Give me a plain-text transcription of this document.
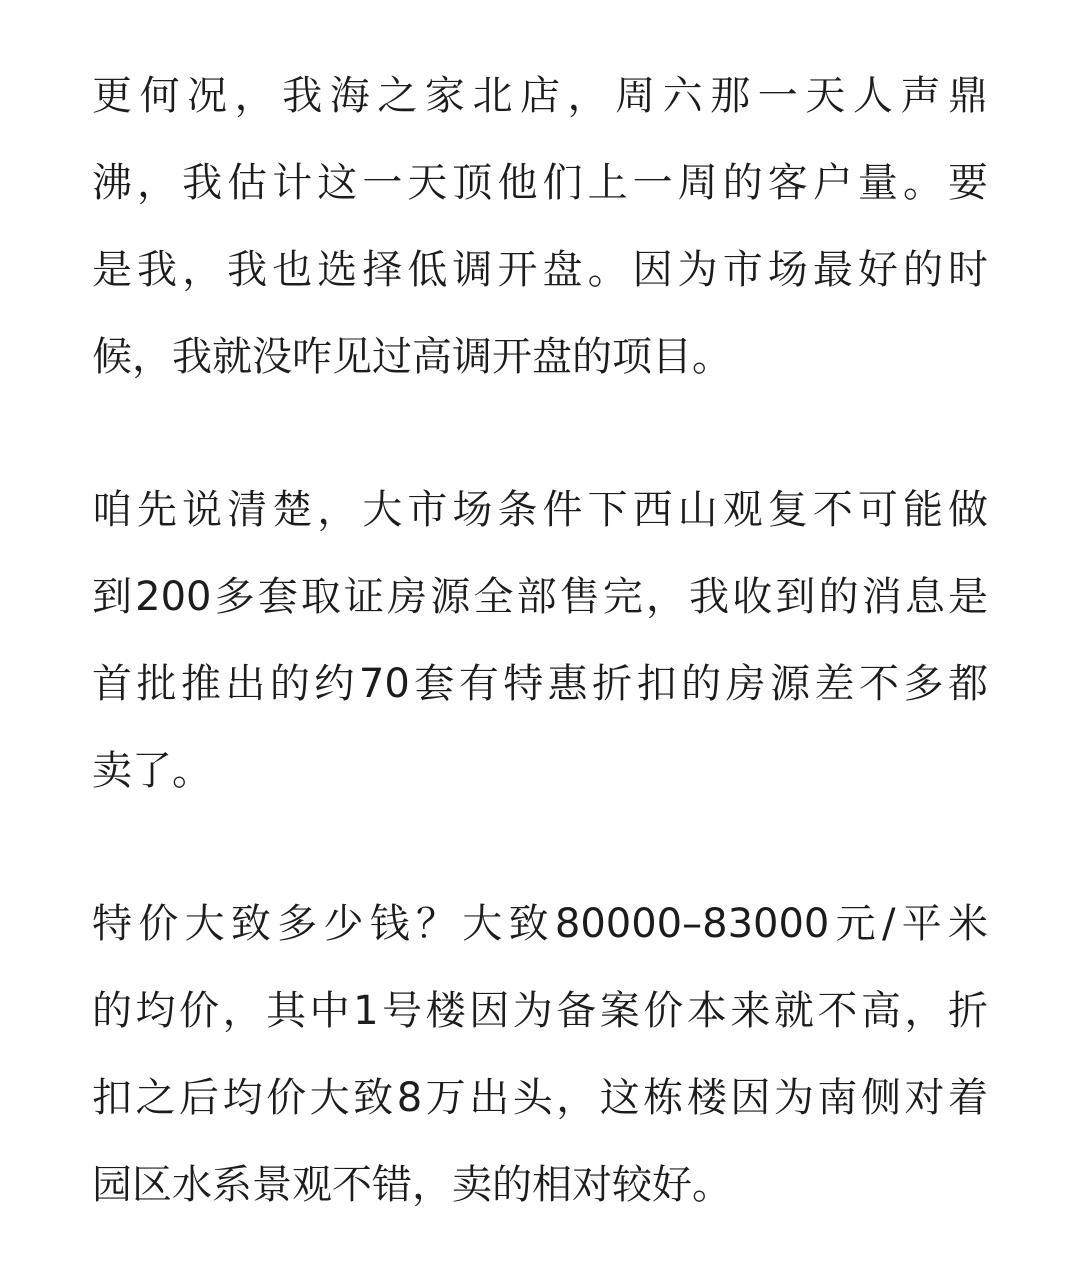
更何况，我海之家北店，周六那一天人声鼎
沸，我估计这一天顶他们上一周的客户量。要
是我，我也选择低调开盘。因为市场最好的时
候，我就没咋见过高调开盘的项目。
咱先说清楚，大市场条件下西山观复不可能做
到200多套取证房源全部售完，我收到的消息是
首批推出的约70套有特惠折扣的房源差不多都
卖了。
特价大致多少钱？大致80000–83000元/平米
的均价，其中1号楼因为备案价本来就不高，折
扣之后均价大致8万出头，这栋楼因为南侧对着
园区水系景观不错，卖的相对较好。
